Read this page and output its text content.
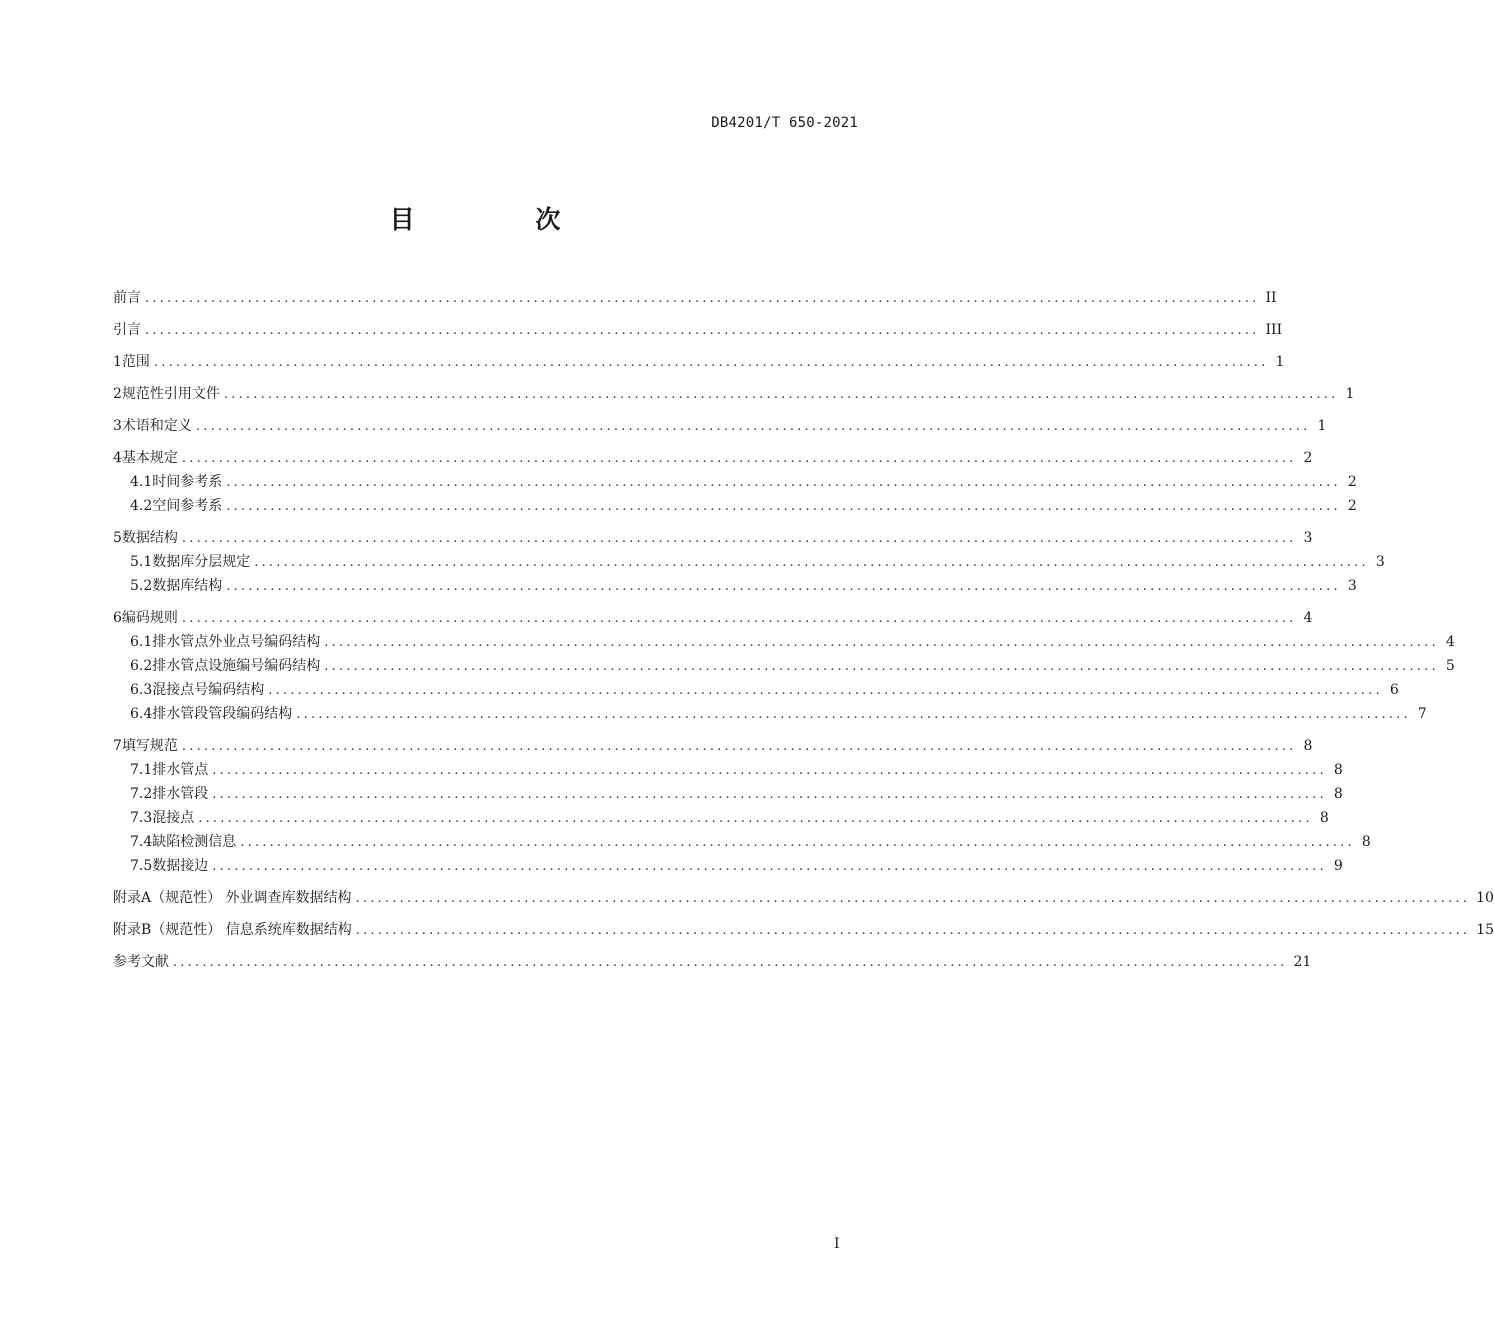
DB4201/T 650-2021
目 次
前言 ........................................................................................................................................................ II
引言 ........................................................................................................................................................ III
1 范围 ........................................................................................................................................................ 1
2 规范性引用文件 ........................................................................................................................................................ 1
3 术语和定义 ........................................................................................................................................................ 1
4 基本规定 ........................................................................................................................................................ 2
4.1 时间参考系 ........................................................................................................................................................ 2
4.2 空间参考系 ........................................................................................................................................................ 2
5 数据结构 ........................................................................................................................................................ 3
5.1 数据库分层规定 ........................................................................................................................................................ 3
5.2 数据库结构 ........................................................................................................................................................ 3
6 编码规则 ........................................................................................................................................................ 4
6.1 排水管点外业点号编码结构 ........................................................................................................................................................ 4
6.2 排水管点设施编号编码结构 ........................................................................................................................................................ 5
6.3 混接点号编码结构 ........................................................................................................................................................ 6
6.4 排水管段管段编码结构 ........................................................................................................................................................ 7
7 填写规范 ........................................................................................................................................................ 8
7.1 排水管点 ........................................................................................................................................................ 8
7.2 排水管段 ........................................................................................................................................................ 8
7.3 混接点 ........................................................................................................................................................ 8
7.4 缺陷检测信息 ........................................................................................................................................................ 8
7.5 数据接边 ........................................................................................................................................................ 9
附录A（规范性） 外业调查库数据结构 ........................................................................................................................................................ 10
附录B（规范性） 信息系统库数据结构 ........................................................................................................................................................ 15
参考文献 ........................................................................................................................................................ 21
I
